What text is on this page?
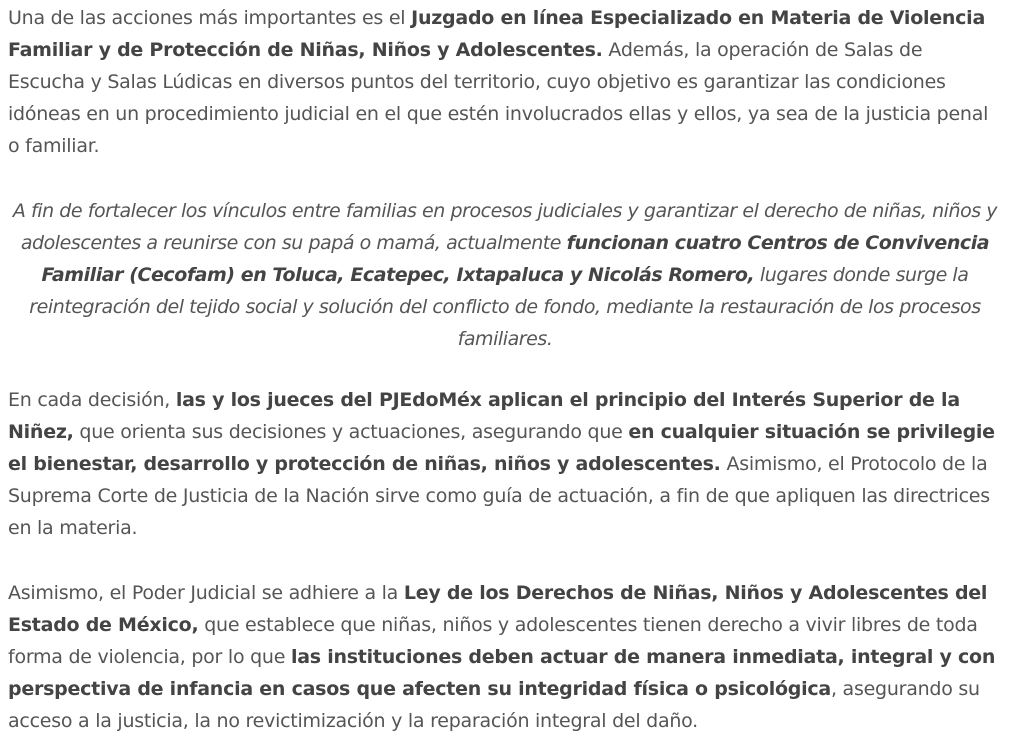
Una de las acciones más importantes es el Juzgado en línea Especializado en Materia de Violencia Familiar y de Protección de Niñas, Niños y Adolescentes. Además, la operación de Salas de Escucha y Salas Lúdicas en diversos puntos del territorio, cuyo objetivo es garantizar las condiciones idóneas en un procedimiento judicial en el que estén involucrados ellas y ellos, ya sea de la justicia penal o familiar.

A fin de fortalecer los vínculos entre familias en procesos judiciales y garantizar el derecho de niñas, niños y adolescentes a reunirse con su papá o mamá, actualmente funcionan cuatro Centros de Convivencia Familiar (Cecofam) en Toluca, Ecatepec, Ixtapaluca y Nicolás Romero, lugares donde surge la reintegración del tejido social y solución del conflicto de fondo, mediante la restauración de los procesos familiares.

En cada decisión, las y los jueces del PJEdoMéx aplican el principio del Interés Superior de la Niñez, que orienta sus decisiones y actuaciones, asegurando que en cualquier situación se privilegie el bienestar, desarrollo y protección de niñas, niños y adolescentes. Asimismo, el Protocolo de la Suprema Corte de Justicia de la Nación sirve como guía de actuación, a fin de que apliquen las directrices en la materia.

Asimismo, el Poder Judicial se adhiere a la Ley de los Derechos de Niñas, Niños y Adolescentes del Estado de México, que establece que niñas, niños y adolescentes tienen derecho a vivir libres de toda forma de violencia, por lo que las instituciones deben actuar de manera inmediata, integral y con perspectiva de infancia en casos que afecten su integridad física o psicológica, asegurando su acceso a la justicia, la no revictimización y la reparación integral del daño.
